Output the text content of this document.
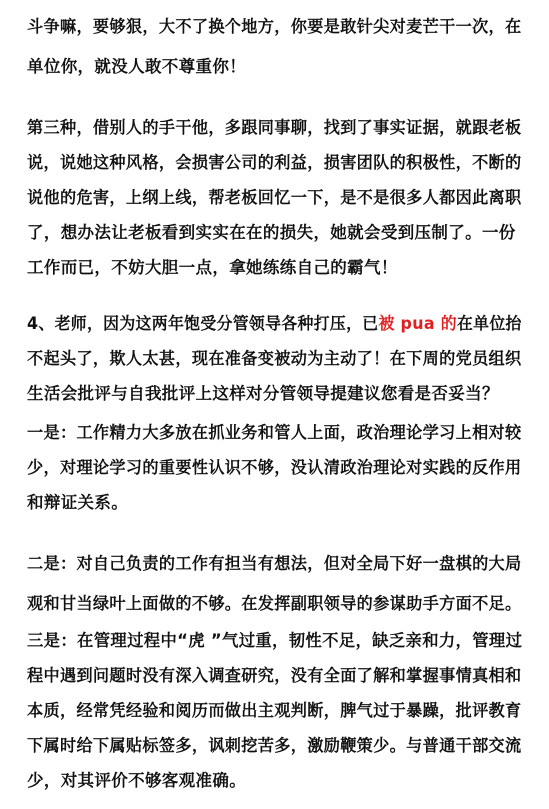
斗争嘛，要够狠，大不了换个地方，你要是敢针尖对麦芒干一次，在
单位你，就没人敢不尊重你！
第三种，借别人的手干他，多跟同事聊，找到了事实证据，就跟老板
说，说她这种风格，会损害公司的利益，损害团队的积极性，不断的
说他的危害，上纲上线，帮老板回忆一下，是不是很多人都因此离职
了，想办法让老板看到实实在在的损失，她就会受到压制了。一份
工作而已，不妨大胆一点，拿她练练自己的霸气！
4、老师，因为这两年饱受分管领导各种打压，已被 pua 的在单位抬
不起头了，欺人太甚，现在准备变被动为主动了！在下周的党员组织
生活会批评与自我批评上这样对分管领导提建议您看是否妥当？
一是：工作精力大多放在抓业务和管人上面，政治理论学习上相对较
少，对理论学习的重要性认识不够，没认清政治理论对实践的反作用
和辩证关系。
二是：对自己负责的工作有担当有想法，但对全局下好一盘棋的大局
观和甘当绿叶上面做的不够。在发挥副职领导的参谋助手方面不足。
三是：在管理过程中“虎 ”气过重，韧性不足，缺乏亲和力，管理过
程中遇到问题时没有深入调查研究，没有全面了解和掌握事情真相和
本质，经常凭经验和阅历而做出主观判断，脾气过于暴躁，批评教育
下属时给下属贴标签多，讽刺挖苦多，激励鞭策少。与普通干部交流
少，对其评价不够客观准确。
